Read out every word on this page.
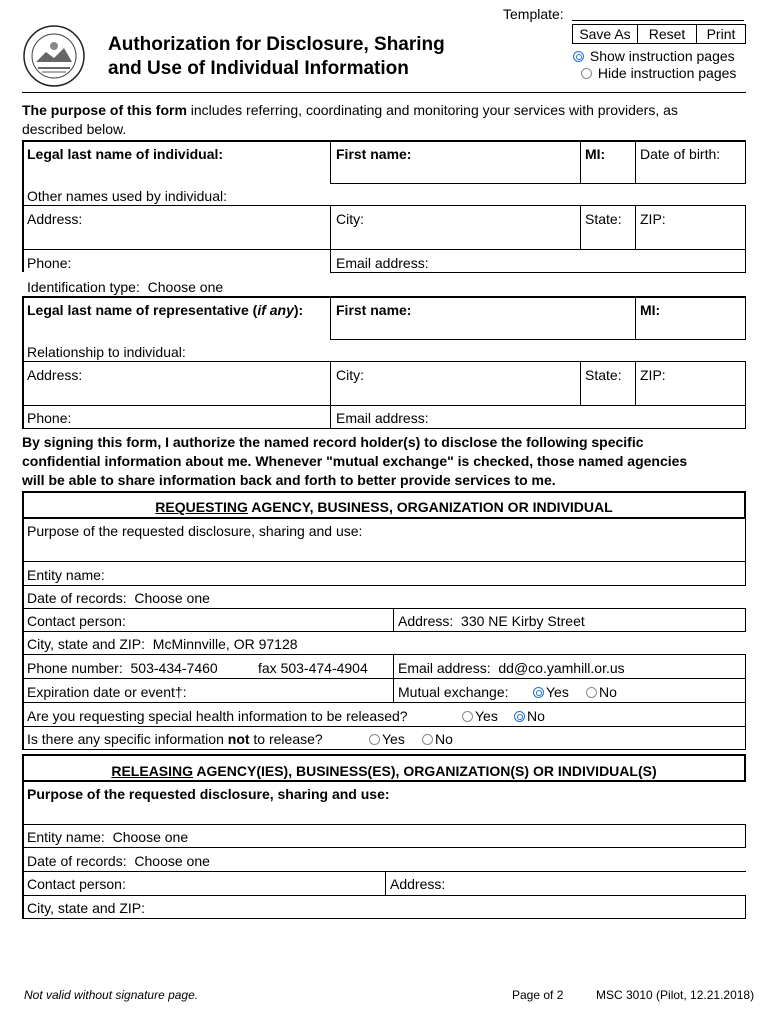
Template:
Save As	Reset	Print
Authorization for Disclosure, Sharing
and Use of Individual Information
Show instruction pages
Hide instruction pages
The purpose of this form includes referring, coordinating and monitoring your services with providers, as
described below.
Legal last name of individual:	First name:	MI: Date of birth:
Other names used by individual:
Address:	City:	State: ZIP:
Phone:	Email address:
Identification type: Choose one
Legal last name of representative (if any): First name:	MI:
Relationship to individual:
Address:	City:	State: ZIP:
Phone:	Email address:
By signing this form, I authorize the named record holder(s) to disclose the following specific
confidential information about me. Whenever "mutual exchange" is checked, those named agencies
will be able to share information back and forth to better provide services to me.
REQUESTING AGENCY, BUSINESS, ORGANIZATION OR INDIVIDUAL
Purpose of the requested disclosure, sharing and use:
Entity name:
Date of records: Choose one
Contact person:	Address: 330 NE Kirby Street
City, state and ZIP: McMinnville, OR 97128
Phone number: 503-434-7460	fax 503-474-4904 Email address: dd@co.yamhill.or.us
Expiration date or event†:	Mutual exchange:	Yes	No
Are you requesting special health information to be released?	Yes	No
Is there any specific information not to release?	Yes	No
RELEASING AGENCY(IES), BUSINESS(ES), ORGANIZATION(S) OR INDIVIDUAL(S)
Purpose of the requested disclosure, sharing and use:
Entity name: Choose one
Date of records: Choose one
Contact person:	Address:
City, state and ZIP:
Not valid without signature page.	Page of 2	MSC 3010 (Pilot, 12.21.2018)
